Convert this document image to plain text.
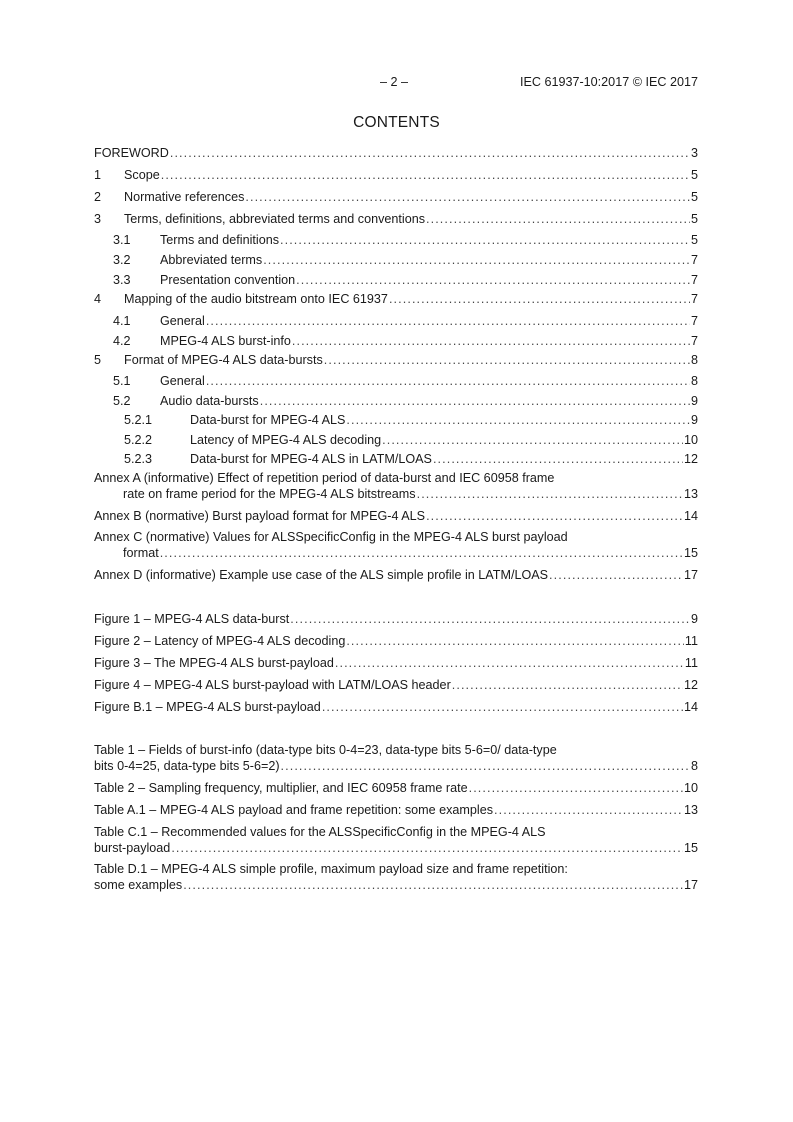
– 2 –	IEC 61937-10:2017 © IEC 2017
CONTENTS
FOREWORD .....	3
1	Scope .....	5
2	Normative references .....	5
3	Terms, definitions, abbreviated terms and conventions .....	5
3.1	Terms and definitions .....	5
3.2	Abbreviated terms .....	7
3.3	Presentation convention .....	7
4	Mapping of the audio bitstream onto IEC 61937 .....	7
4.1	General .....	7
4.2	MPEG-4 ALS burst-info .....	7
5	Format of MPEG-4 ALS data-bursts .....	8
5.1	General .....	8
5.2	Audio data-bursts .....	9
5.2.1	Data-burst for MPEG-4 ALS .....	9
5.2.2	Latency of MPEG-4 ALS decoding .....	10
5.2.3	Data-burst for MPEG-4 ALS in LATM/LOAS .....	12
Annex A (informative) Effect of repetition period of data-burst and IEC 60958 frame
rate on frame period for the MPEG-4 ALS bitstreams .....	13
Annex B (normative) Burst payload format for MPEG-4 ALS .....	14
Annex C (normative) Values for ALSSpecificConfig in the MPEG-4 ALS burst payload
format .....	15
Annex D (informative) Example use case of the ALS simple profile in LATM/LOAS .....	17
Figure 1 – MPEG-4 ALS data-burst .....	9
Figure 2 – Latency of MPEG-4 ALS decoding .....	11
Figure 3 – The MPEG-4 ALS burst-payload .....	11
Figure 4 – MPEG-4 ALS burst-payload with LATM/LOAS header .....	12
Figure B.1 – MPEG-4 ALS burst-payload .....	14
Table 1 – Fields of burst-info (data-type bits 0-4=23, data-type bits 5-6=0/ data-type
bits 0-4=25, data-type bits 5-6=2) .....	8
Table 2 – Sampling frequency, multiplier, and IEC 60958 frame rate .....	10
Table A.1 – MPEG-4 ALS payload and frame repetition: some examples .....	13
Table C.1 – Recommended values for the ALSSpecificConfig in the MPEG-4 ALS
burst-payload .....	15
Table D.1 – MPEG-4 ALS simple profile, maximum payload size and frame repetition:
some examples .....	17
